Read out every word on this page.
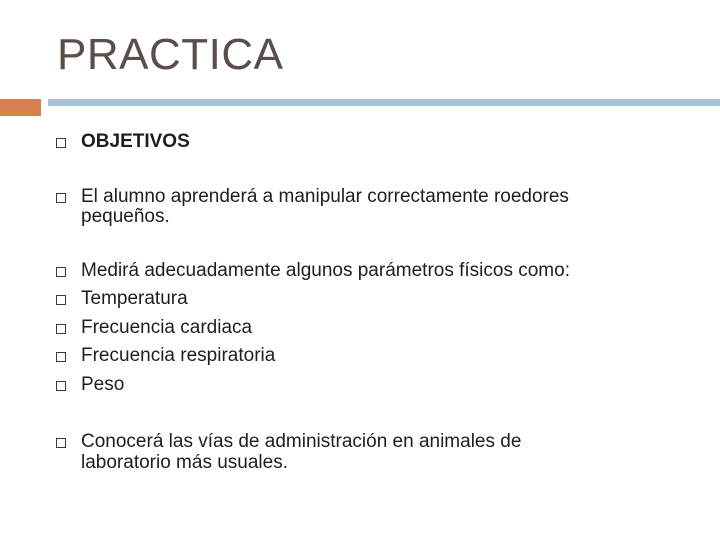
PRACTICA
OBJETIVOS
El alumno aprenderá a manipular correctamente roedores
pequeños.
Medirá adecuadamente algunos parámetros físicos como:
Temperatura
Frecuencia cardiaca
Frecuencia respiratoria
Peso
Conocerá las vías de administración en animales de
laboratorio más usuales.
